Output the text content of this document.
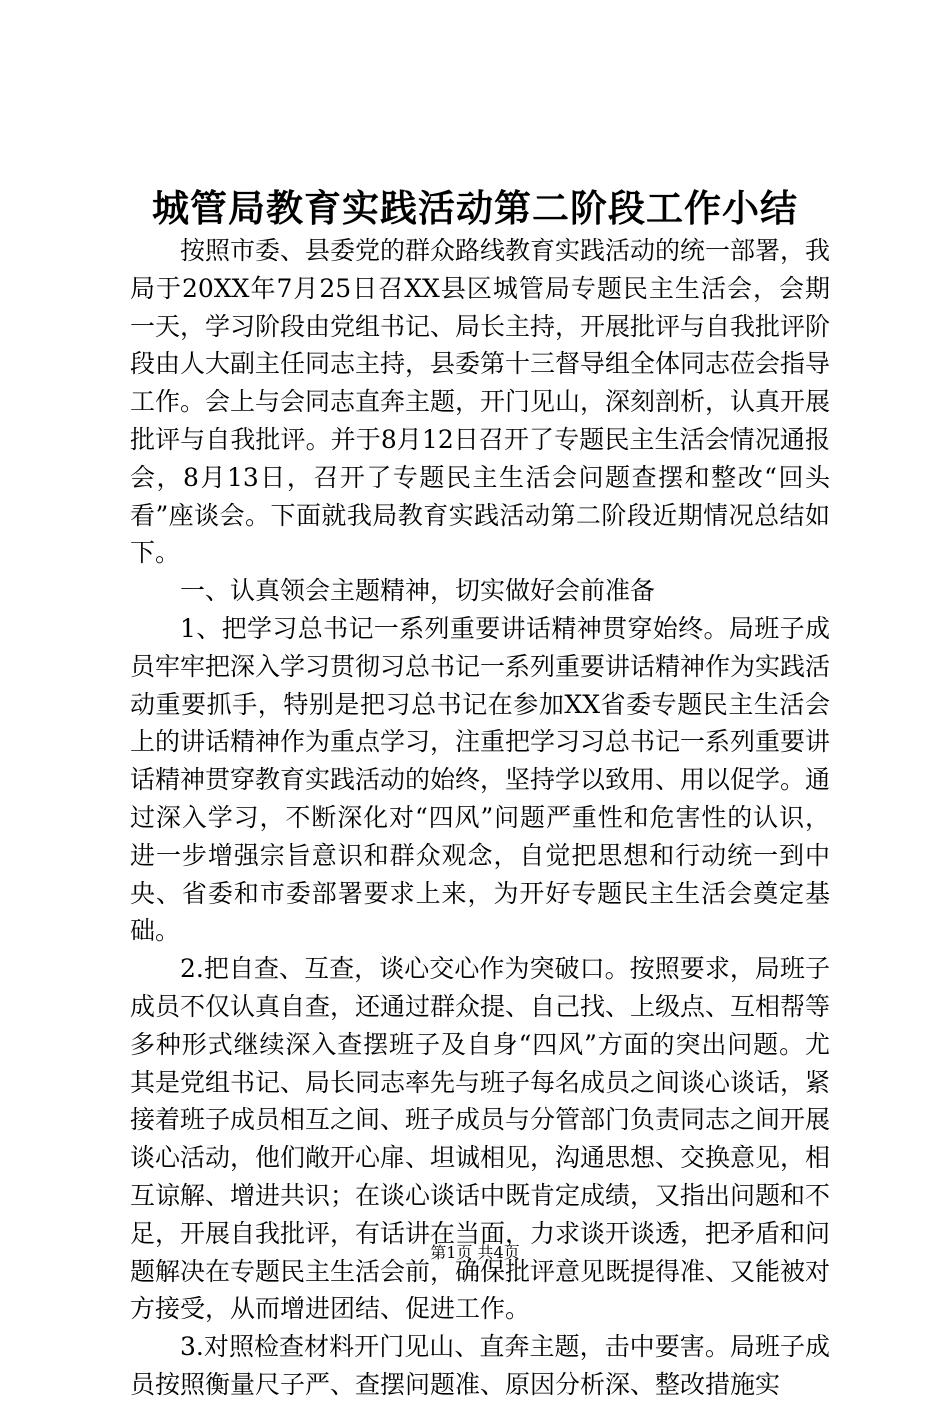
城管局教育实践活动第二阶段工作小结

按照市委、县委党的群众路线教育实践活动的统一部署，我局于20XX年7月25日召XX县区城管局专题民主生活会，会期一天，学习阶段由党组书记、局长主持，开展批评与自我批评阶段由人大副主任同志主持，县委第十三督导组全体同志莅会指导工作。会上与会同志直奔主题，开门见山，深刻剖析，认真开展批评与自我批评。并于8月12日召开了专题民主生活会情况通报会，8月13日，召开了专题民主生活会问题查摆和整改“回头看”座谈会。下面就我局教育实践活动第二阶段近期情况总结如下。

一、认真领会主题精神，切实做好会前准备

1、把学习总书记一系列重要讲话精神贯穿始终。局班子成员牢牢把深入学习贯彻习总书记一系列重要讲话精神作为实践活动重要抓手，特别是把习总书记在参加XX省委专题民主生活会上的讲话精神作为重点学习，注重把学习习总书记一系列重要讲话精神贯穿教育实践活动的始终，坚持学以致用、用以促学。通过深入学习，不断深化对“四风”问题严重性和危害性的认识，进一步增强宗旨意识和群众观念，自觉把思想和行动统一到中央、省委和市委部署要求上来，为开好专题民主生活会奠定基础。

2.把自查、互查，谈心交心作为突破口。按照要求，局班子成员不仅认真自查，还通过群众提、自己找、上级点、互相帮等多种形式继续深入查摆班子及自身“四风”方面的突出问题。尤其是党组书记、局长同志率先与班子每名成员之间谈心谈话，紧接着班子成员相互之间、班子成员与分管部门负责同志之间开展谈心活动，他们敞开心扉、坦诚相见，沟通思想、交换意见，相互谅解、增进共识；在谈心谈话中既肯定成绩，又指出问题和不足，开展自我批评，有话讲在当面，力求谈开谈透，把矛盾和问题解决在专题民主生活会前，确保批评意见既提得准、又能被对方接受，从而增进团结、促进工作。

3.对照检查材料开门见山、直奔主题，击中要害。局班子成员按照衡量尺子严、查摆问题准、原因分析深、整改措施实

第1页 共4页
